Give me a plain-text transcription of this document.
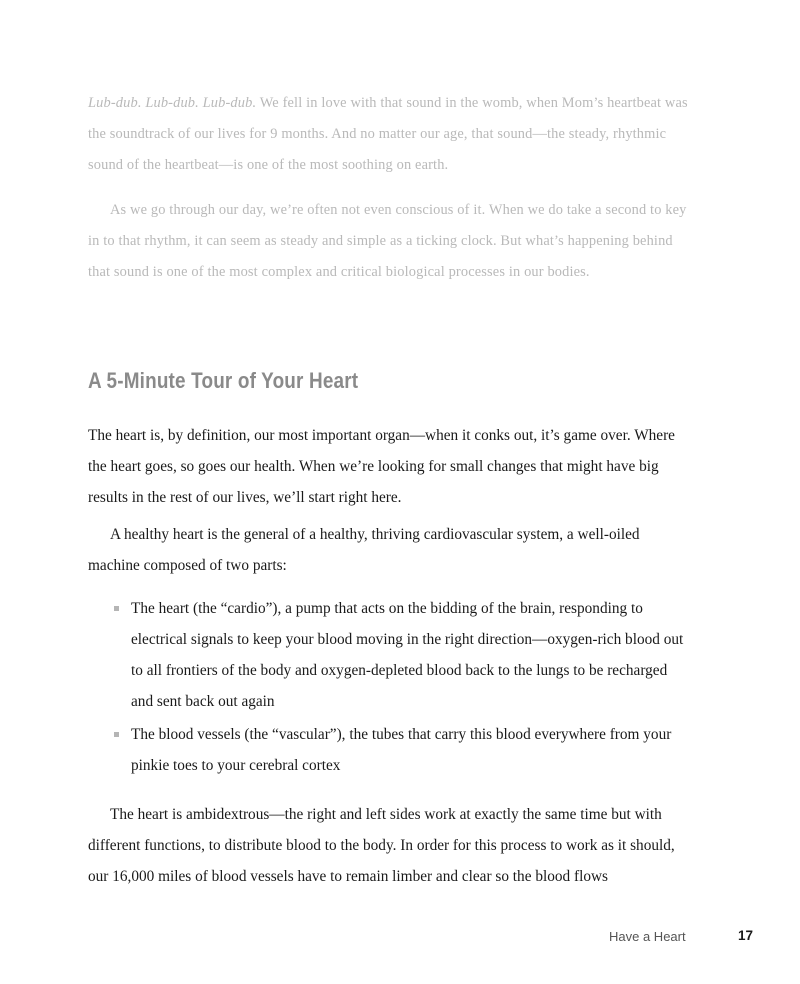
Lub-dub. Lub-dub. Lub-dub. We fell in love with that sound in the womb, when Mom’s heartbeat was the soundtrack of our lives for 9 months. And no matter our age, that sound—the steady, rhythmic sound of the heartbeat—is one of the most soothing on earth.

As we go through our day, we’re often not even conscious of it. When we do take a second to key in to that rhythm, it can seem as steady and simple as a ticking clock. But what’s happening behind that sound is one of the most complex and critical biological processes in our bodies.

A 5-Minute Tour of Your Heart

The heart is, by definition, our most important organ—when it conks out, it’s game over. Where the heart goes, so goes our health. When we’re looking for small changes that might have big results in the rest of our lives, we’ll start right here.

A healthy heart is the general of a healthy, thriving cardiovascular system, a well-oiled machine composed of two parts:

The heart (the “cardio”), a pump that acts on the bidding of the brain, responding to electrical signals to keep your blood moving in the right direction—oxygen-rich blood out to all frontiers of the body and oxygen-depleted blood back to the lungs to be recharged and sent back out again
The blood vessels (the “vascular”), the tubes that carry this blood everywhere from your pinkie toes to your cerebral cortex

The heart is ambidextrous—the right and left sides work at exactly the same time but with different functions, to distribute blood to the body. In order for this process to work as it should, our 16,000 miles of blood vessels have to remain limber and clear so the blood flows

Have a Heart	17
